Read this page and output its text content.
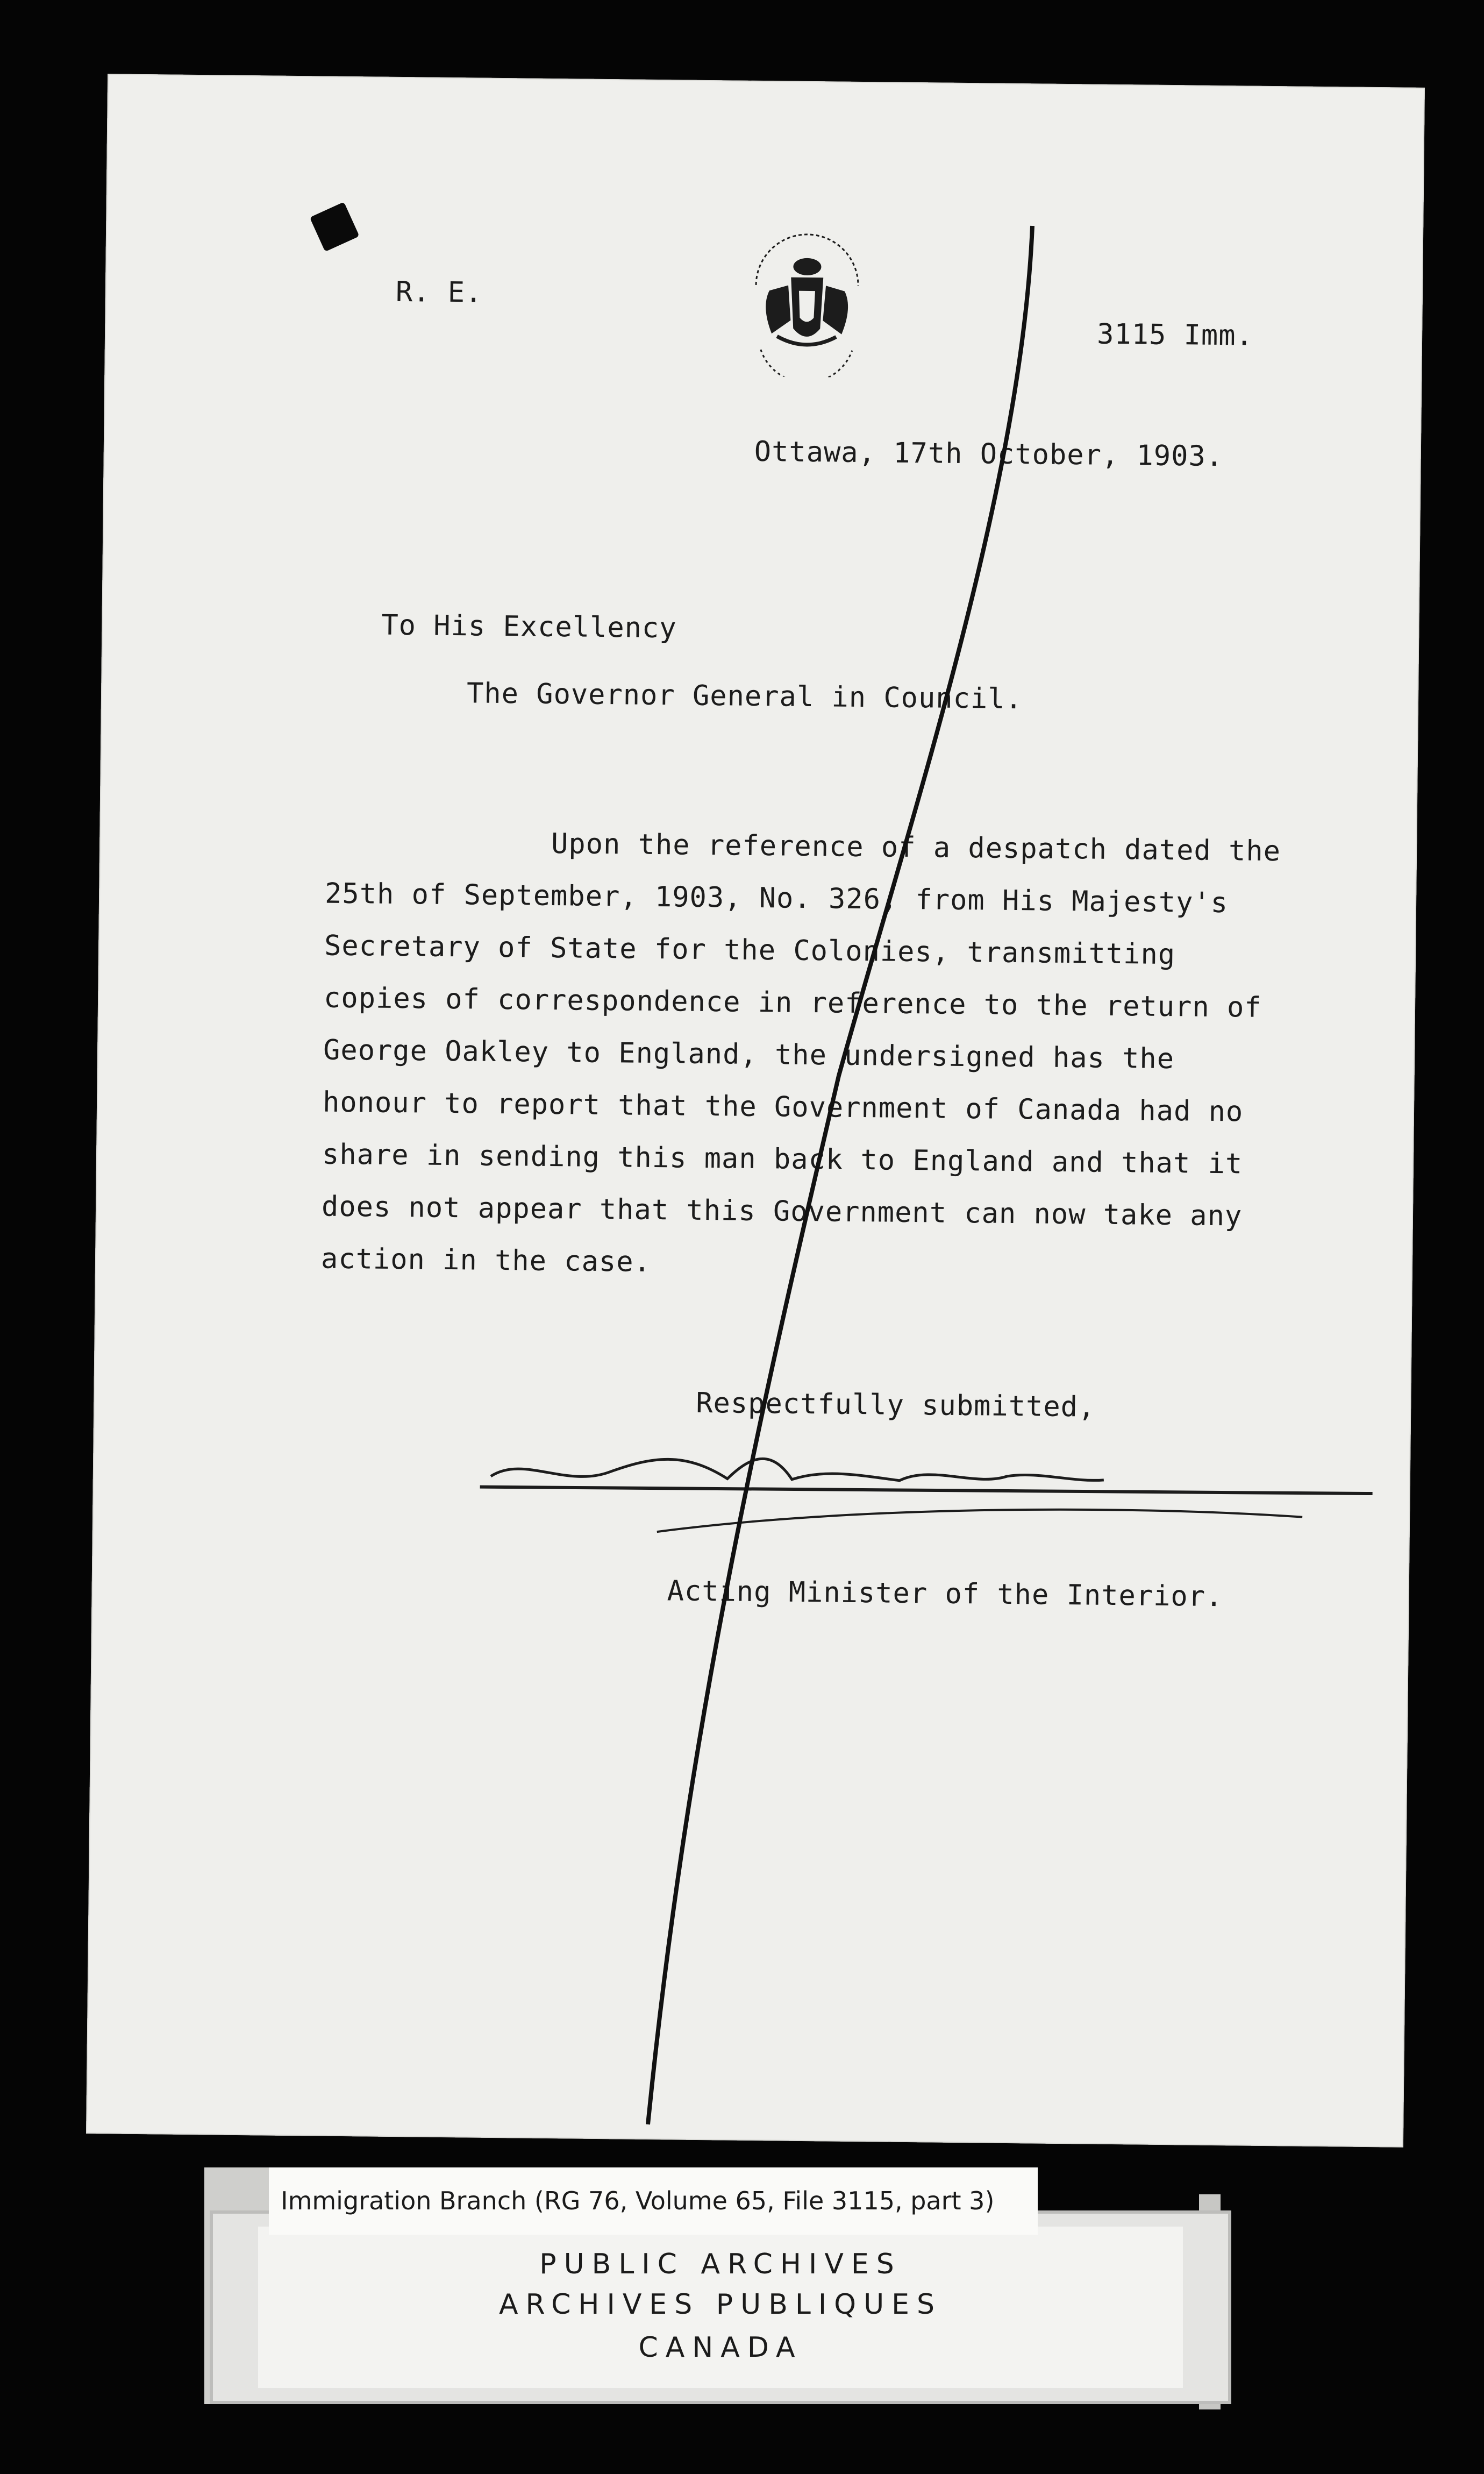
R. E.
3115 Imm.
Ottawa, 17th October, 1903.
To His Excellency
The Governor General in Council.
Upon the reference of a despatch dated the
25th of September, 1903, No. 326, from His Majesty's
Secretary of State for the Colonies, transmitting
copies of correspondence in reference to the return of
George Oakley to England, the undersigned has the
honour to report that the Government of Canada had no
share in sending this man back to England and that it
does not appear that this Government can now take any
action in the case.
Respectfully submitted,
Acting Minister of the Interior.
PUBLIC ARCHIVES
ARCHIVES PUBLIQUES
CANADA
Immigration Branch (RG 76, Volume 65, File 3115, part 3)
